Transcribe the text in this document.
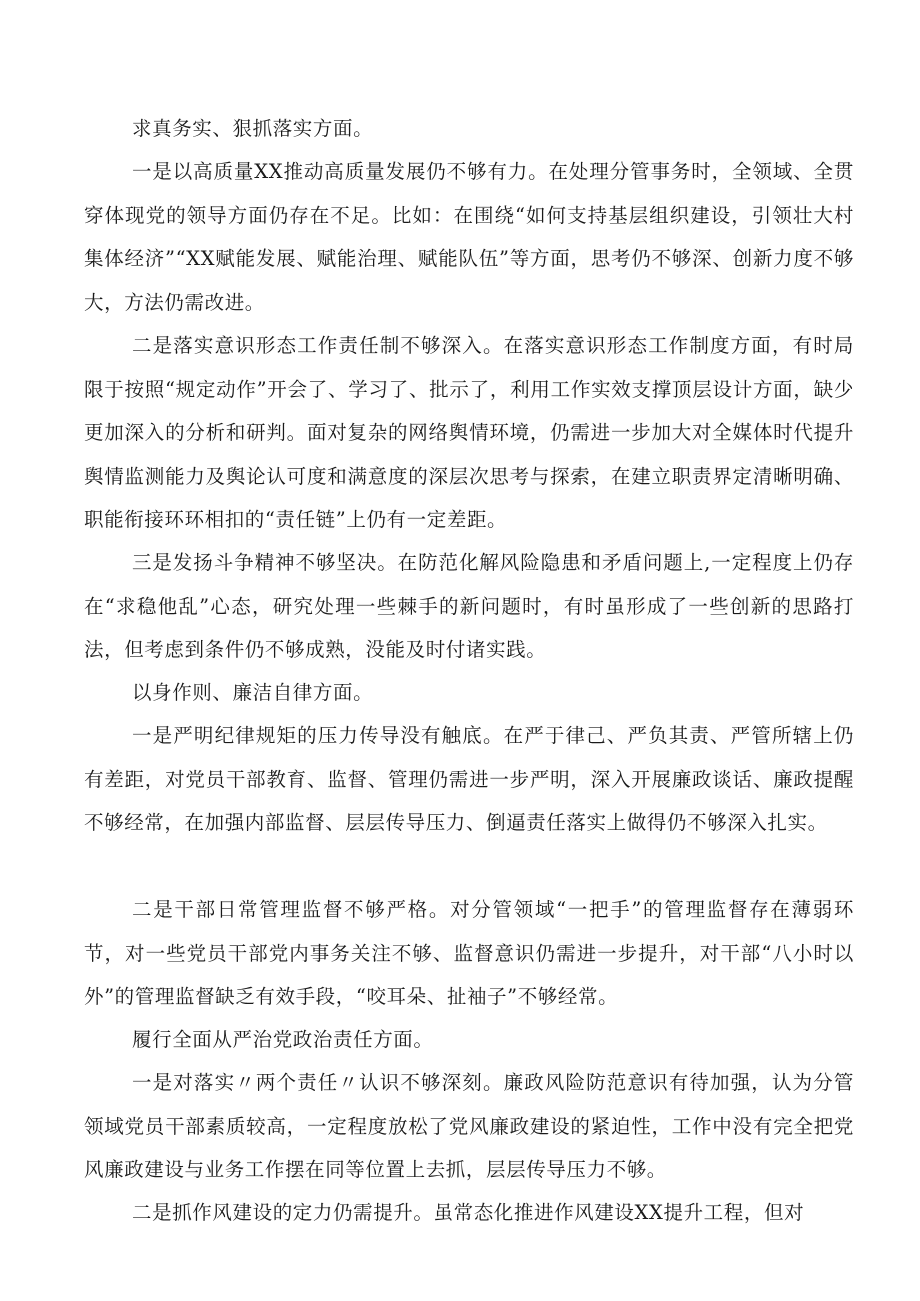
求真务实、狠抓落实方面。

一是以高质量XX推动高质量发展仍不够有力。在处理分管事务时，全领域、全贯穿体现党的领导方面仍存在不足。比如：在围绕“如何支持基层组织建设，引领壮大村集体经济”“XX赋能发展、赋能治理、赋能队伍”等方面，思考仍不够深、创新力度不够大，方法仍需改进。

二是落实意识形态工作责任制不够深入。在落实意识形态工作制度方面，有时局限于按照“规定动作”开会了、学习了、批示了，利用工作实效支撑顶层设计方面，缺少更加深入的分析和研判。面对复杂的网络舆情环境，仍需进一步加大对全媒体时代提升舆情监测能力及舆论认可度和满意度的深层次思考与探索，在建立职责界定清晰明确、职能衔接环环相扣的“责任链”上仍有一定差距。

三是发扬斗争精神不够坚决。在防范化解风险隐患和矛盾问题上,一定程度上仍存在“求稳他乱”心态，研究处理一些棘手的新问题时，有时虽形成了一些创新的思路打法，但考虑到条件仍不够成熟，没能及时付诸实践。

以身作则、廉洁自律方面。

一是严明纪律规矩的压力传导没有触底。在严于律己、严负其责、严管所辖上仍有差距，对党员干部教育、监督、管理仍需进一步严明，深入开展廉政谈话、廉政提醒不够经常，在加强内部监督、层层传导压力、倒逼责任落实上做得仍不够深入扎实。

二是干部日常管理监督不够严格。对分管领域“一把手”的管理监督存在薄弱环节，对一些党员干部党内事务关注不够、监督意识仍需进一步提升，对干部“八小时以外”的管理监督缺乏有效手段，“咬耳朵、扯袖子”不够经常。

履行全面从严治党政治责任方面。

一是对落实〃两个责任〃认识不够深刻。廉政风险防范意识有待加强，认为分管领域党员干部素质较高，一定程度放松了党风廉政建设的紧迫性，工作中没有完全把党风廉政建设与业务工作摆在同等位置上去抓，层层传导压力不够。

二是抓作风建设的定力仍需提升。虽常态化推进作风建设XX提升工程，但对
